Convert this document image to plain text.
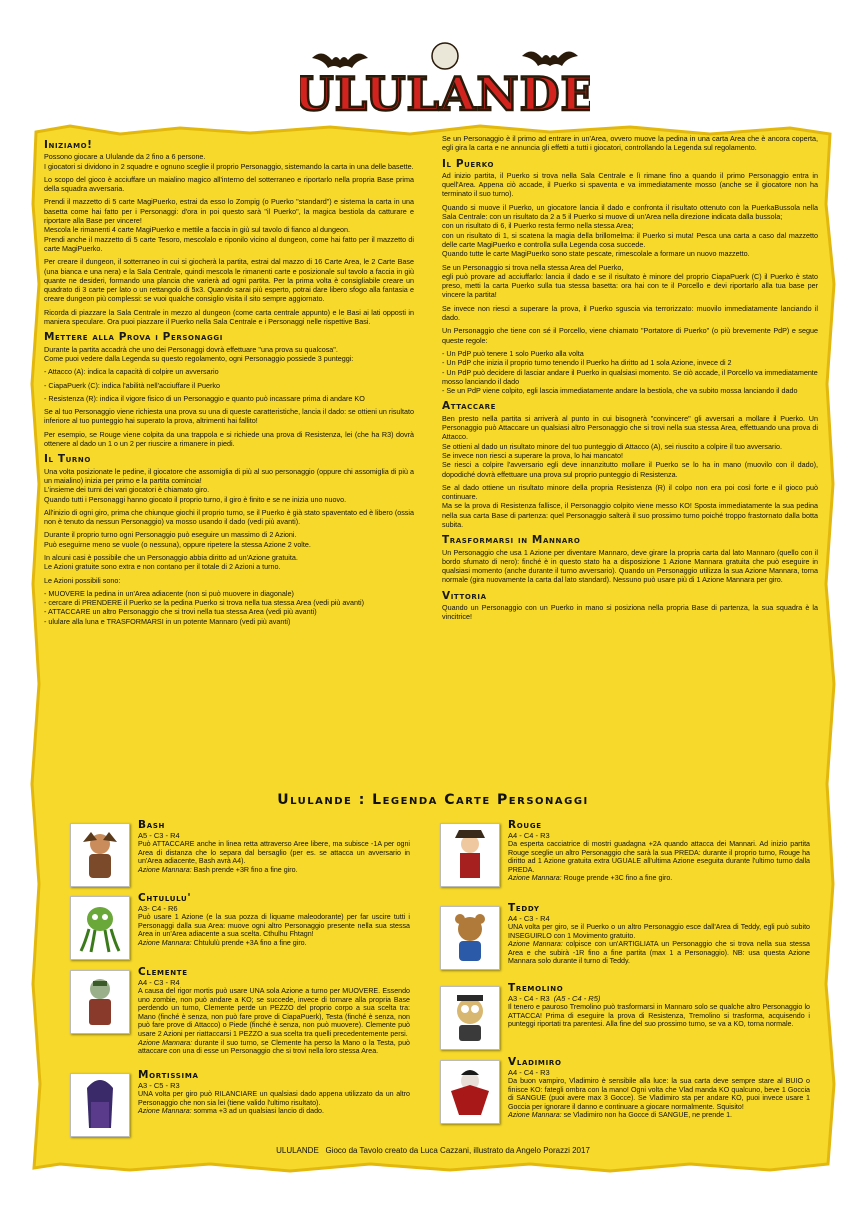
ULULANDE
Iniziamo!

Possono giocare a Ululande da 2 fino a 6 persone.
I giocatori si dividono in 2 squadre e ognuno sceglie il proprio Personaggio, sistemando la carta in una delle basette.

Lo scopo del gioco è acciuffare un maialino magico all'interno del sotterraneo e riportarlo nella propria Base prima della squadra avversaria.

Prendi il mazzetto di 5 carte MagiPuerko, estrai da esso lo Zompig (o Puerko "standard") e sistema la carta in una basetta come hai fatto per i Personaggi: d'ora in poi questo sarà "il Puerko", la magica bestiola da catturare e riportare alla Base per vincere!
Mescola le rimanenti 4 carte MagiPuerko e mettile a faccia in giù sul tavolo di fianco al dungeon.
Prendi anche il mazzetto di 5 carte Tesoro, mescolalo e riponilo vicino al dungeon, come hai fatto per il mazzetto di carte MagiPuerko.

Per creare il dungeon, il sotterraneo in cui si giocherà la partita, estrai dal mazzo di 16 Carte Area, le 2 Carte Base (una bianca e una nera) e la Sala Centrale, quindi mescola le rimanenti carte e posizionale sul tavolo a faccia in giù quante ne desideri, formando una plancia che varierà ad ogni partita. Per la prima volta è consigliabile creare un quadrato di 3 carte per lato o un rettangolo di 5x3. Quando sarai più esperto, potrai dare libero sfogo alla fantasia e creare dungeon più complessi: se vuoi qualche consiglio visita il sito sempre aggiornato.

Ricorda di piazzare la Sala Centrale in mezzo al dungeon (come carta centrale appunto) e le Basi ai lati opposti in maniera speculare. Ora puoi piazzare il Puerko nella Sala Centrale e i Personaggi nelle rispettive Basi.

Mettere alla Prova i Personaggi

Durante la partita accadrà che uno dei Personaggi dovrà effettuare "una prova su qualcosa".
Come puoi vedere dalla Legenda su questo regolamento, ogni Personaggio possiede 3 punteggi:

- Attacco (A): indica la capacità di colpire un avversario

- CiapaPuerk (C): indica l'abilità nell'acciuffare il Puerko

- Resistenza (R): indica il vigore fisico di un Personaggio e quanto può incassare prima di andare KO

Se al tuo Personaggio viene richiesta una prova su una di queste caratteristiche, lancia il dado: se ottieni un risultato inferiore al tuo punteggio hai superato la prova, altrimenti hai fallito!

Per esempio, se Rouge viene colpita da una trappola e si richiede una prova di Resistenza, lei (che ha R3) dovrà ottenere al dado un 1 o un 2 per riuscire a rimanere in piedi.

Il Turno

Una volta posizionate le pedine, il giocatore che assomiglia di più al suo personaggio (oppure chi assomiglia di più a un maialino) inizia per primo e la partita comincia!
L'insieme dei turni dei vari giocatori è chiamato giro.
Quando tutti i Personaggi hanno giocato il proprio turno, il giro è finito e se ne inizia uno nuovo.

All'inizio di ogni giro, prima che chiunque giochi il proprio turno, se il Puerko è già stato spaventato ed è libero (ossia non è tenuto da nessun Personaggio) va mosso usando il dado (vedi più avanti).

Durante il proprio turno ogni Personaggio può eseguire un massimo di 2 Azioni.
Può eseguirne meno se vuole (o nessuna), oppure ripetere la stessa Azione 2 volte.

In alcuni casi è possibile che un Personaggio abbia diritto ad un'Azione gratuita.
Le Azioni gratuite sono extra e non contano per il totale di 2 Azioni a turno.

Le Azioni possibili sono:

- MUOVERE la pedina in un'Area adiacente (non si può muovere in diagonale)
- cercare di PRENDERE il Puerko se la pedina Puerko si trova nella tua stessa Area (vedi più avanti)
- ATTACCARE un altro Personaggio che si trovi nella tua stessa Area (vedi più avanti)
- ululare alla luna e TRASFORMARSI in un potente Mannaro (vedi più avanti)

Se un Personaggio è il primo ad entrare in un'Area, ovvero muove la pedina in una carta Area che è ancora coperta, egli gira la carta e ne annuncia gli effetti a tutti i giocatori, controllando la Legenda sul regolamento.

Il Puerko

Ad inizio partita, il Puerko si trova nella Sala Centrale e lì rimane fino a quando il primo Personaggio entra in quell'Area. Appena ciò accade, il Puerko si spaventa e va immediatamente mosso (anche se il giocatore non ha terminato il suo turno).

Quando si muove il Puerko, un giocatore lancia il dado e confronta il risultato ottenuto con la PuerkaBussola nella Sala Centrale: con un risultato da 2 a 5 il Puerko si muove di un'Area nella direzione indicata dalla bussola;
con un risultato di 6, il Puerko resta fermo nella stessa Area;
con un risultato di 1, si scatena la magia della brillomelma: il Puerko si muta! Pesca una carta a caso dal mazzetto delle carte MagiPuerko e controlla sulla Legenda cosa succede.
Quando tutte le carte MagiPuerko sono state pescate, rimescolale a formare un nuovo mazzetto.

Se un Personaggio si trova nella stessa Area del Puerko,
egli può provare ad acciuffarlo: lancia il dado e se il risultato è minore del proprio CiapaPuerk (C) il Puerko è stato preso, metti la carta Puerko sulla tua stessa basetta: ora hai con te il Porcello e devi riportarlo alla tua base per vincere la partita!

Se invece non riesci a superare la prova, il Puerko sguscia via terrorizzato: muovilo immediatamente lanciando il dado.

Un Personaggio che tiene con sé il Porcello, viene chiamato "Portatore di Puerko" (o più brevemente PdP) e segue queste regole:

- Un PdP può tenere 1 solo Puerko alla volta
- Un PdP che inizia il proprio turno tenendo il Puerko ha diritto ad 1 sola Azione, invece di 2
- Un PdP può decidere di lasciar andare il Puerko in qualsiasi momento. Se ciò accade, il Porcello va immediatamente mosso lanciando il dado
- Se un PdP viene colpito, egli lascia immediatamente andare la bestiola, che va subito mossa lanciando il dado
Attaccare

Ben presto nella partita si arriverà al punto in cui bisognerà "convincere" gli avversari a mollare il Puerko. Un Personaggio può Attaccare un qualsiasi altro Personaggio che si trovi nella sua stessa Area, effettuando una prova di Attacco.
Se ottieni al dado un risultato minore del tuo punteggio di Attacco (A), sei riuscito a colpire il tuo avversario.
Se invece non riesci a superare la prova, lo hai mancato!
Se riesci a colpire l'avversario egli deve innanzitutto mollare il Puerko se lo ha in mano (muovilo con il dado), dopodiché dovrà effettuare una prova sul proprio punteggio di Resistenza.

Se al dado ottiene un risultato minore della propria Resistenza (R) il colpo non era poi così forte e il gioco può continuare.
Ma se la prova di Resistenza fallisce, il Personaggio colpito viene messo KO! Sposta immediatamente la sua pedina nella sua carta Base di partenza: quel Personaggio salterà il suo prossimo turno poiché troppo frastornato dalla botta subita.

Trasformarsi in Mannaro

Un Personaggio che usa 1 Azione per diventare Mannaro, deve girare la propria carta dal lato Mannaro (quello con il bordo sfumato di nero): finché è in questo stato ha a disposizione 1 Azione Mannara gratuita che può eseguire in qualsiasi momento (anche durante il turno avversario). Quando un Personaggio utilizza la sua Azione Mannara, torna normale (gira nuovamente la carta dal lato standard). Nessuno può usare più di 1 Azione Mannara per giro.

Vittoria

Quando un Personaggio con un Puerko in mano si posiziona nella propria Base di partenza, la sua squadra è la vincitrice!

Ululande : Legenda Carte Personaggi
Bash
A5 - C3 - R4

Può ATTACCARE anche in linea retta attraverso Aree libere, ma subisce -1A per ogni Area di distanza che lo separa dal bersaglio (per es. se attacca un avversario in un'Area adiacente, Bash avrà A4).
Azione Mannara: Bash prende +3R fino a fine giro.

Chtululu'
A3- C4 - R6

Può usare 1 Azione (e la sua pozza di liquame maleodorante) per far uscire tutti i Personaggi dalla sua Area: muove ogni altro Personaggio presente nella sua stessa Area in un'Area adiacente a sua scelta. Cthulhu Fhtagn!
Azione Mannara: Chtululù prende +3A fino a fine giro.

Clemente
A4 - C3 - R4

A causa del rigor mortis può usare UNA sola Azione a turno per MUOVERE. Essendo uno zombie, non può andare a KO; se succede, invece di tornare alla propria Base perdendo un turno, Clemente perde un PEZZO del proprio corpo a sua scelta tra: Mano (finché è senza, non può fare prove di CiapaPuerk), Testa (finché è senza, non può fare prove di Attacco) o Piede (finché è senza, non può muovere). Clemente può usare 2 Azioni per riattaccarsi 1 PEZZO a sua scelta tra quelli precedentemente persi.
Azione Mannara: durante il suo turno, se Clemente ha perso la Mano o la Testa, può attaccare con una di esse un Personaggio che si trovi nella loro stessa Area.

Mortissima
A3 - C5 - R3

UNA volta per giro può RILANCIARE un qualsiasi dado appena utilizzato da un altro Personaggio che non sia lei (tiene valido l'ultimo risultato).
Azione Mannara: somma +3 ad un qualsiasi lancio di dado.

Rouge
A4 - C4 - R3

Da esperta cacciatrice di mostri guadagna +2A quando attacca dei Mannari. Ad inizio partita Rouge sceglie un altro Personaggio che sarà la sua PREDA: durante il proprio turno, Rouge ha diritto ad 1 Azione gratuita extra UGUALE all'ultima Azione eseguita durante l'ultimo turno dalla PREDA.
Azione Mannara: Rouge prende +3C fino a fine giro.

Teddy
A4 - C3 - R4

UNA volta per giro, se il Puerko o un altro Personaggio esce dall'Area di Teddy, egli può subito INSEGUIRLO con 1 Movimento gratuito.
Azione Mannara: colpisce con un'ARTIGLIATA un Personaggio che si trova nella sua stessa Area e che subirà -1R fino a fine partita (max 1 a Personaggio). NB: usa questa Azione Mannara solo durante il turno di Teddy.

Tremolino
A3 - C4 - R3 (A5 - C4 - R5)

Il tenero e pauroso Tremolino può trasformarsi in Mannaro solo se qualche altro Personaggio lo ATTACCA! Prima di eseguire la prova di Resistenza, Tremolino si trasforma, acquisendo i punteggi riportati tra parentesi. Alla fine del suo prossimo turno, se va a KO, torna normale.

Vladimiro
A4 - C4 - R3

Da buon vampiro, Vladimiro è sensibile alla luce: la sua carta deve sempre stare al BUIO o finisce KO: fategli ombra con la mano! Ogni volta che Vlad manda KO qualcuno, beve 1 Goccia di SANGUE (puoi avere max 3 Gocce). Se Vladimiro sta per andare KO, puoi invece usare 1 Goccia per ignorare il danno e continuare a giocare normalmente. Squisito!
Azione Mannara: se Vladimiro non ha Gocce di SANGUE, ne prende 1.

ULULANDE   Gioco da Tavolo creato da Luca Cazzani, illustrato da Angelo Porazzi 2017
